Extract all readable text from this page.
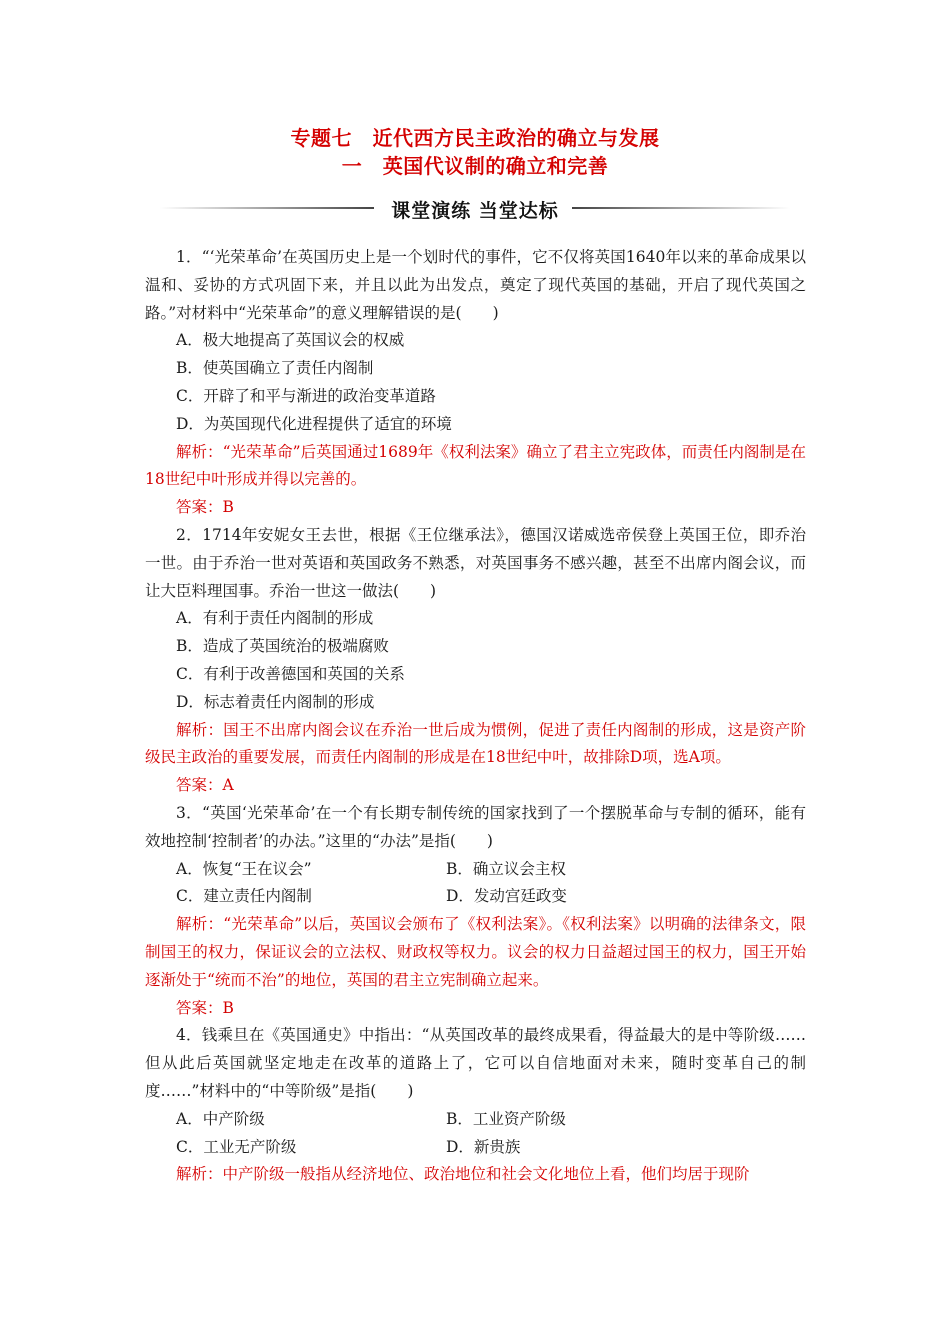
专题七　近代西方民主政治的确立与发展
一　英国代议制的确立和完善
课堂演练 当堂达标

1．“‘光荣革命’在英国历史上是一个划时代的事件，它不仅将英国1640年以来的革命成果以温和、妥协的方式巩固下来，并且以此为出发点，奠定了现代英国的基础，开启了现代英国之路。”对材料中“光荣革命”的意义理解错误的是(　　)

A．极大地提高了英国议会的权威

B．使英国确立了责任内阁制

C．开辟了和平与渐进的政治变革道路

D．为英国现代化进程提供了适宜的环境

解析：“光荣革命”后英国通过1689年《权利法案》确立了君主立宪政体，而责任内阁制是在18世纪中叶形成并得以完善的。

答案：B

2．1714年安妮女王去世，根据《王位继承法》，德国汉诺威选帝侯登上英国王位，即乔治一世。由于乔治一世对英语和英国政务不熟悉，对英国事务不感兴趣，甚至不出席内阁会议，而让大臣料理国事。乔治一世这一做法(　　)

A．有利于责任内阁制的形成

B．造成了英国统治的极端腐败

C．有利于改善德国和英国的关系

D．标志着责任内阁制的形成

解析：国王不出席内阁会议在乔治一世后成为惯例，促进了责任内阁制的形成，这是资产阶级民主政治的重要发展，而责任内阁制的形成是在18世纪中叶，故排除D项，选A项。

答案：A

3．“英国‘光荣革命’在一个有长期专制传统的国家找到了一个摆脱革命与专制的循环，能有效地控制‘控制者’的办法。”这里的“办法”是指(　　)

A．恢复“王在议会”	B．确立议会主权
C．建立责任内阁制	D．发动宫廷政变

解析：“光荣革命”以后，英国议会颁布了《权利法案》。《权利法案》以明确的法律条文，限制国王的权力，保证议会的立法权、财政权等权力。议会的权力日益超过国王的权力，国王开始逐渐处于“统而不治”的地位，英国的君主立宪制确立起来。

答案：B

4．钱乘旦在《英国通史》中指出：“从英国改革的最终成果看，得益最大的是中等阶级……但从此后英国就坚定地走在改革的道路上了，它可以自信地面对未来，随时变革自己的制度……”材料中的“中等阶级”是指(　　)

A．中产阶级	B．工业资产阶级
C．工业无产阶级	D．新贵族

解析：中产阶级一般指从经济地位、政治地位和社会文化地位上看，他们均居于现阶
